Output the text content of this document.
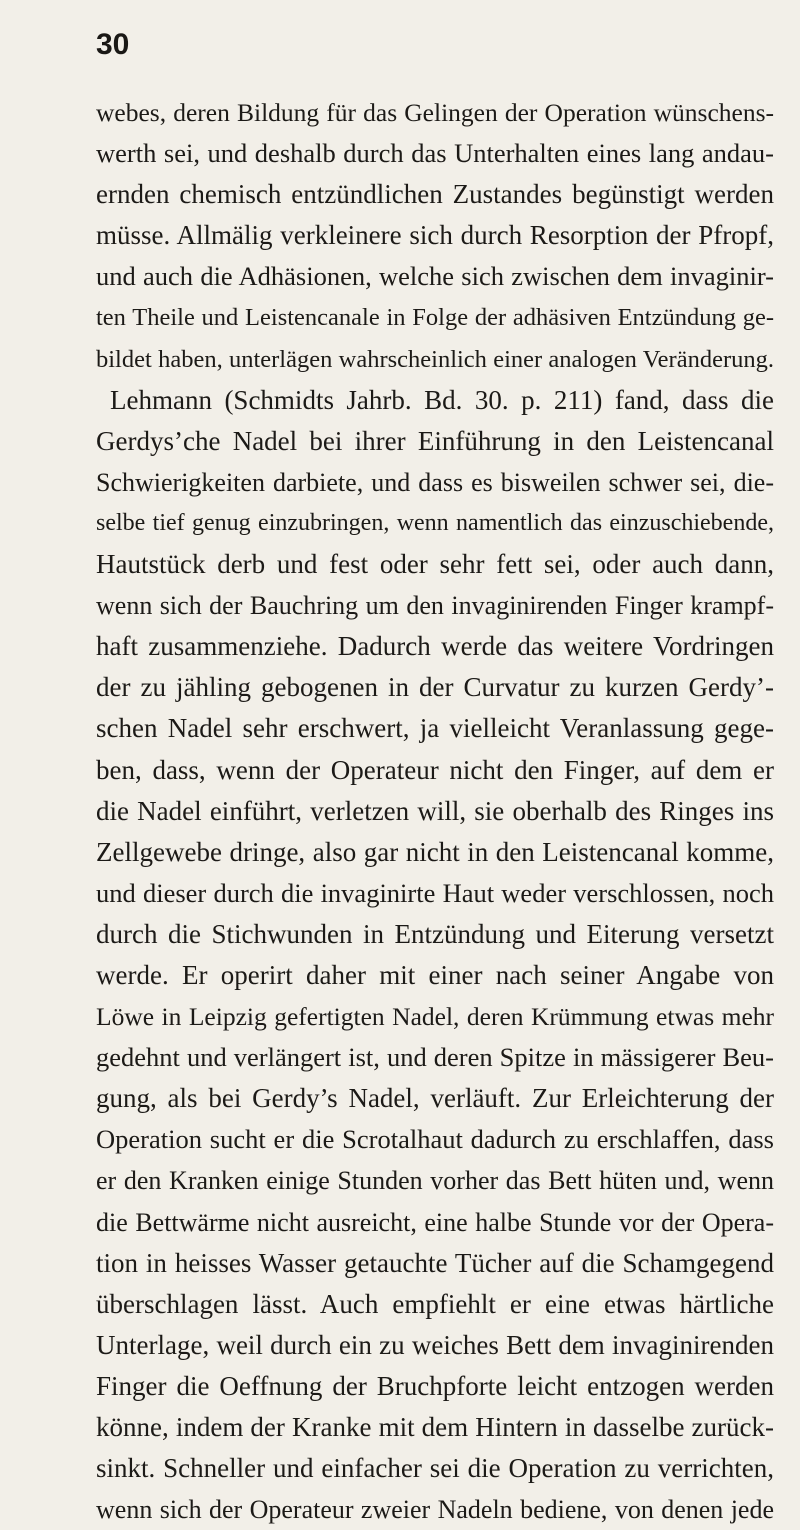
30
webes, deren Bildung für das Gelingen der Operation wünschens-
werth sei, und deshalb durch das Unterhalten eines lang andau-
ernden chemisch entzündlichen Zustandes begünstigt werden
müsse. Allmälig verkleinere sich durch Resorption der Pfropf,
und auch die Adhäsionen, welche sich zwischen dem invaginir-
ten Theile und Leistencanale in Folge der adhäsiven Entzündung ge-
bildet haben, unterlägen wahrscheinlich einer analogen Veränderung.
Lehmann (Schmidts Jahrb. Bd. 30. p. 211) fand, dass die
Gerdys’che Nadel bei ihrer Einführung in den Leistencanal
Schwierigkeiten darbiete, und dass es bisweilen schwer sei, die-
selbe tief genug einzubringen, wenn namentlich das einzuschiebende,
Hautstück derb und fest oder sehr fett sei, oder auch dann,
wenn sich der Bauchring um den invaginirenden Finger krampf-
haft zusammenziehe. Dadurch werde das weitere Vordringen
der zu jähling gebogenen in der Curvatur zu kurzen Gerdy’-
schen Nadel sehr erschwert, ja vielleicht Veranlassung gege-
ben, dass, wenn der Operateur nicht den Finger, auf dem er
die Nadel einführt, verletzen will, sie oberhalb des Ringes ins
Zellgewebe dringe, also gar nicht in den Leistencanal komme,
und dieser durch die invaginirte Haut weder verschlossen, noch
durch die Stichwunden in Entzündung und Eiterung versetzt
werde. Er operirt daher mit einer nach seiner Angabe von
Löwe in Leipzig gefertigten Nadel, deren Krümmung etwas mehr
gedehnt und verlängert ist, und deren Spitze in mässigerer Beu-
gung, als bei Gerdy’s Nadel, verläuft. Zur Erleichterung der
Operation sucht er die Scrotalhaut dadurch zu erschlaffen, dass
er den Kranken einige Stunden vorher das Bett hüten und, wenn
die Bettwärme nicht ausreicht, eine halbe Stunde vor der Opera-
tion in heisses Wasser getauchte Tücher auf die Schamgegend
überschlagen lässt. Auch empfiehlt er eine etwas härtliche
Unterlage, weil durch ein zu weiches Bett dem invaginirenden
Finger die Oeffnung der Bruchpforte leicht entzogen werden
könne, indem der Kranke mit dem Hintern in dasselbe zurück-
sinkt. Schneller und einfacher sei die Operation zu verrichten,
wenn sich der Operateur zweier Nadeln bediene, von denen jede
